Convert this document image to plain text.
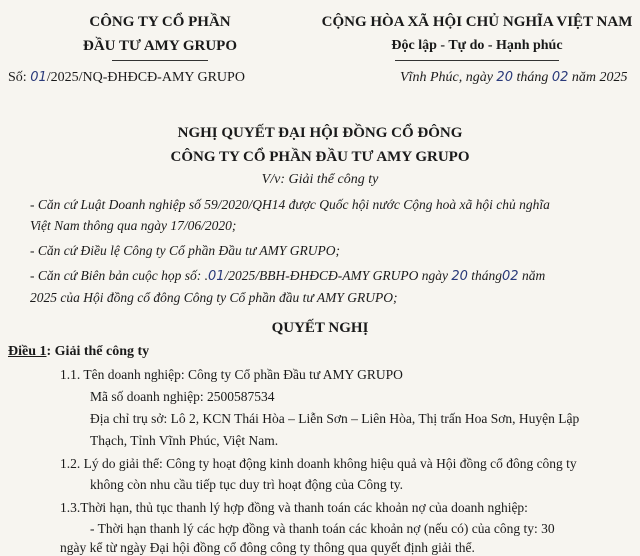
CÔNG TY CỔ PHẦN
ĐẦU TƯ AMY GRUPO
CỘNG HÒA XÃ HỘI CHỦ NGHĨA VIỆT NAM
Độc lập - Tự do - Hạnh phúc
Số: 01/2025/NQ-ĐHĐCĐ-AMY GRUPO	Vĩnh Phúc, ngày 20 tháng 02 năm 2025
NGHỊ QUYẾT ĐẠI HỘI ĐỒNG CỔ ĐÔNG
CÔNG TY CỔ PHẦN ĐẦU TƯ AMY GRUPO
V/v: Giải thể công ty
- Căn cứ Luật Doanh nghiệp số 59/2020/QH14 được Quốc hội nước Cộng hoà xã hội chủ nghĩa
Việt Nam thông qua ngày 17/06/2020;
- Căn cứ Điều lệ Công ty Cổ phần Đầu tư AMY GRUPO;
- Căn cứ Biên bản cuộc họp số: .01/2025/BBH-ĐHĐCĐ-AMY GRUPO ngày 20 tháng02 năm
2025 của Hội đồng cổ đông Công ty Cổ phần đầu tư AMY GRUPO;
QUYẾT NGHỊ
Điều 1: Giải thể công ty
1.1. Tên doanh nghiệp: Công ty Cổ phần Đầu tư AMY GRUPO
Mã số doanh nghiệp: 2500587534
Địa chỉ trụ sở: Lô 2, KCN Thái Hòa – Liễn Sơn – Liên Hòa, Thị trấn Hoa Sơn, Huyện Lập
Thạch, Tỉnh Vĩnh Phúc, Việt Nam.
1.2. Lý do giải thể: Công ty hoạt động kinh doanh không hiệu quả và Hội đồng cổ đông công ty
không còn nhu cầu tiếp tục duy trì hoạt động của Công ty.
1.3.Thời hạn, thủ tục thanh lý hợp đồng và thanh toán các khoản nợ của doanh nghiệp:
- Thời hạn thanh lý các hợp đồng và thanh toán các khoản nợ (nếu có) của công ty: 30
ngày kể từ ngày Đại hội đồng cổ đông công ty thông qua quyết định giải thể.
